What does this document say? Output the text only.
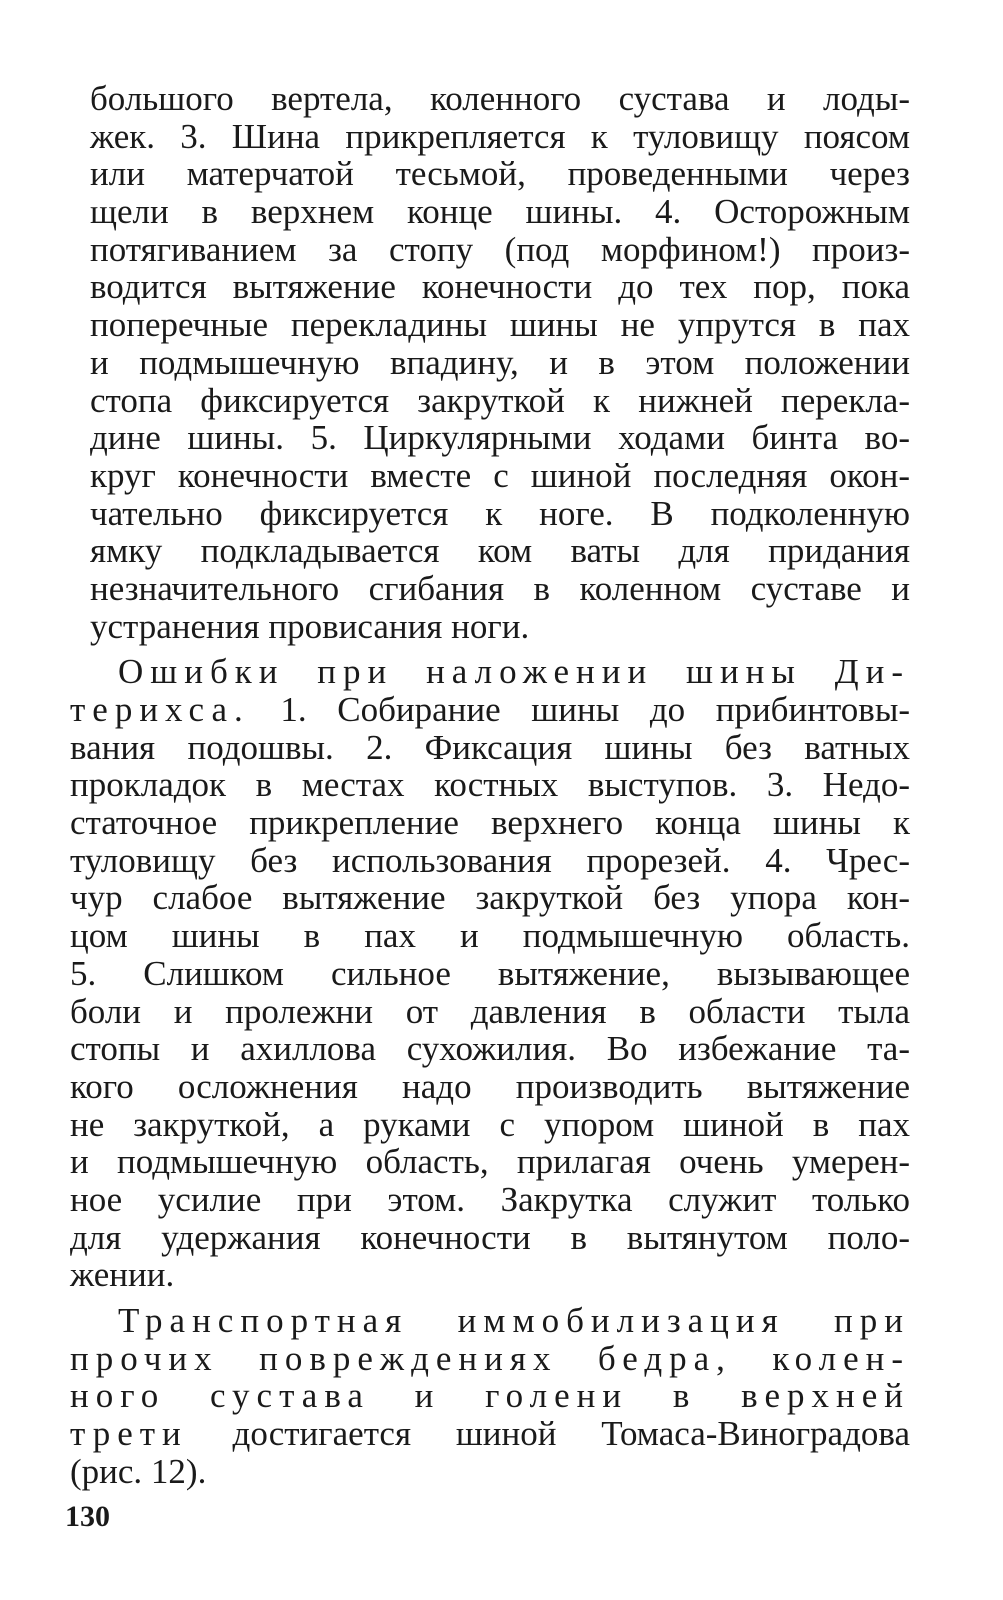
большого вертела, коленного сустава и лоды-
жек. 3. Шина прикрепляется к туловищу поясом
или матерчатой тесьмой, проведенными через
щели в верхнем конце шины. 4. Осторожным
потягиванием за стопу (под морфином!) произ-
водится вытяжение конечности до тех пор, пока
поперечные перекладины шины не упрутся в пах
и подмышечную впадину, и в этом положении
стопа фиксируется закруткой к нижней перекла-
дине шины. 5. Циркулярными ходами бинта во-
круг конечности вместе с шиной последняя окон-
чательно фиксируется к ноге. В подколенную
ямку подкладывается ком ваты для придания
незначительного сгибания в коленном суставе и
устранения провисания ноги.
Ошибки при наложении шины Ди-
терихса. 1. Собирание шины до прибинтовы-
вания подошвы. 2. Фиксация шины без ватных
прокладок в местах костных выступов. 3. Недо-
статочное прикрепление верхнего конца шины к
туловищу без использования прорезей. 4. Чрес-
чур слабое вытяжение закруткой без упора кон-
цом шины в пах и подмышечную область.
5. Слишком сильное вытяжение, вызывающее
боли и пролежни от давления в области тыла
стопы и ахиллова сухожилия. Во избежание та-
кого осложнения надо производить вытяжение
не закруткой, а руками с упором шиной в пах
и подмышечную область, прилагая очень умерен-
ное усилие при этом. Закрутка служит только
для удержания конечности в вытянутом поло-
жении.
Транспортная иммобилизация при
прочих повреждениях бедра, колен-
ного сустава и голени в верхней
трети достигается шиной Томаса-Виноградова
(рис. 12).
130
